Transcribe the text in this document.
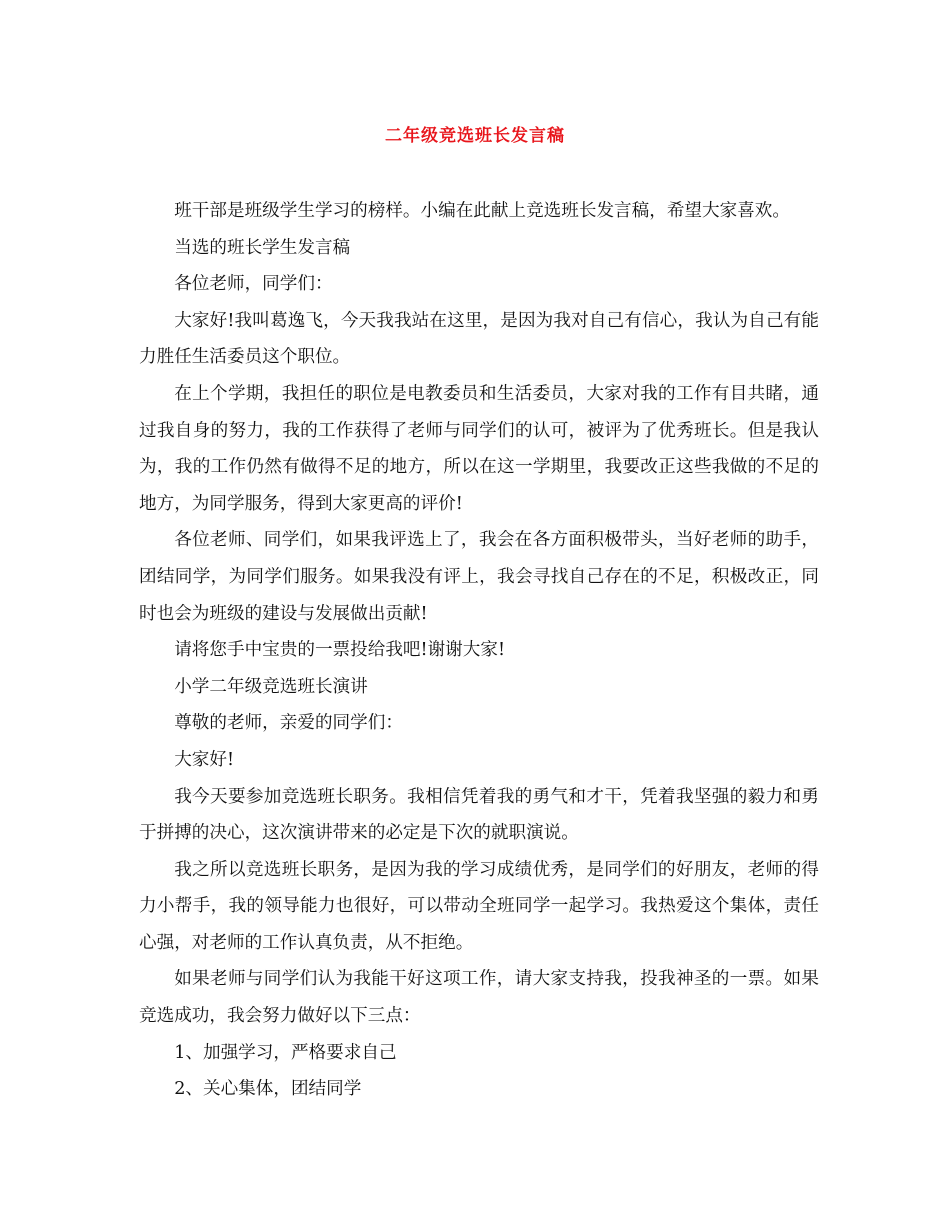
二年级竞选班长发言稿

班干部是班级学生学习的榜样。小编在此献上竞选班长发言稿，希望大家喜欢。

当选的班长学生发言稿

各位老师，同学们：

大家好!我叫葛逸飞，今天我我站在这里，是因为我对自己有信心，我认为自己有能力胜任生活委员这个职位。

在上个学期，我担任的职位是电教委员和生活委员，大家对我的工作有目共睹，通过我自身的努力，我的工作获得了老师与同学们的认可，被评为了优秀班长。但是我认为，我的工作仍然有做得不足的地方，所以在这一学期里，我要改正这些我做的不足的地方，为同学服务，得到大家更高的评价!

各位老师、同学们，如果我评选上了，我会在各方面积极带头，当好老师的助手，团结同学，为同学们服务。如果我没有评上，我会寻找自己存在的不足，积极改正，同时也会为班级的建设与发展做出贡献!

请将您手中宝贵的一票投给我吧!谢谢大家!

小学二年级竞选班长演讲

尊敬的老师，亲爱的同学们：

大家好!

我今天要参加竞选班长职务。我相信凭着我的勇气和才干，凭着我坚强的毅力和勇于拼搏的决心，这次演讲带来的必定是下次的就职演说。

我之所以竞选班长职务，是因为我的学习成绩优秀，是同学们的好朋友，老师的得力小帮手，我的领导能力也很好，可以带动全班同学一起学习。我热爱这个集体，责任心强，对老师的工作认真负责，从不拒绝。

如果老师与同学们认为我能干好这项工作，请大家支持我，投我神圣的一票。如果竞选成功，我会努力做好以下三点：

1、加强学习，严格要求自己

2、关心集体，团结同学
